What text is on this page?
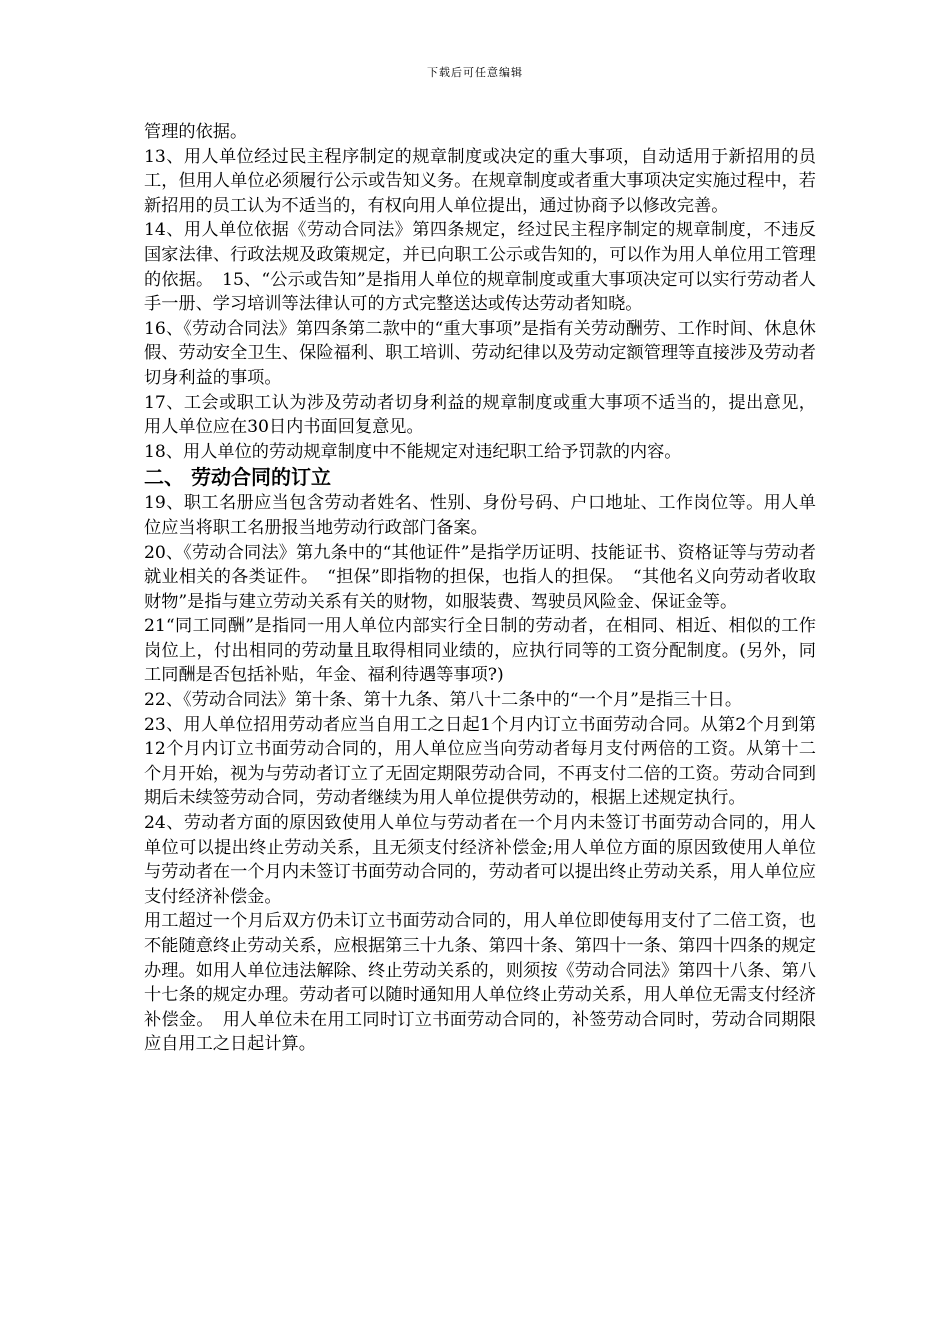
下载后可任意编辑

管理的依据。

13、用人单位经过民主程序制定的规章制度或决定的重大事项，自动适用于新招用的员工，但用人单位必须履行公示或告知义务。在规章制度或者重大事项决定实施过程中，若新招用的员工认为不适当的，有权向用人单位提出，通过协商予以修改完善。

14、用人单位依据《劳动合同法》第四条规定，经过民主程序制定的规章制度，不违反国家法律、行政法规及政策规定，并已向职工公示或告知的，可以作为用人单位用工管理的依据。　15、“公示或告知”是指用人单位的规章制度或重大事项决定可以实行劳动者人手一册、学习培训等法律认可的方式完整送达或传达劳动者知晓。

16、《劳动合同法》第四条第二款中的“重大事项”是指有关劳动酬劳、工作时间、休息休假、劳动安全卫生、保险福利、职工培训、劳动纪律以及劳动定额管理等直接涉及劳动者切身利益的事项。

17、工会或职工认为涉及劳动者切身利益的规章制度或重大事项不适当的，提出意见，用人单位应在30日内书面回复意见。

18、用人单位的劳动规章制度中不能规定对违纪职工给予罚款的内容。

二、 劳动合同的订立

19、职工名册应当包含劳动者姓名、性别、身份号码、户口地址、工作岗位等。用人单位应当将职工名册报当地劳动行政部门备案。

20、《劳动合同法》第九条中的“其他证件”是指学历证明、技能证书、资格证等与劳动者就业相关的各类证件。　“担保”即指物的担保，也指人的担保。　“其他名义向劳动者收取财物”是指与建立劳动关系有关的财物，如服装费、驾驶员风险金、保证金等。

21“同工同酬”是指同一用人单位内部实行全日制的劳动者，在相同、相近、相似的工作岗位上，付出相同的劳动量且取得相同业绩的，应执行同等的工资分配制度。(另外，同工同酬是否包括补贴，年金、福利待遇等事项?)

22、《劳动合同法》第十条、第十九条、第八十二条中的“一个月”是指三十日。

23、用人单位招用劳动者应当自用工之日起1个月内订立书面劳动合同。从第2个月到第12个月内订立书面劳动合同的，用人单位应当向劳动者每月支付两倍的工资。从第十二个月开始，视为与劳动者订立了无固定期限劳动合同，不再支付二倍的工资。劳动合同到期后未续签劳动合同，劳动者继续为用人单位提供劳动的，根据上述规定执行。

24、劳动者方面的原因致使用人单位与劳动者在一个月内未签订书面劳动合同的，用人单位可以提出终止劳动关系，且无须支付经济补偿金;用人单位方面的原因致使用人单位与劳动者在一个月内未签订书面劳动合同的，劳动者可以提出终止劳动关系，用人单位应支付经济补偿金。

用工超过一个月后双方仍未订立书面劳动合同的，用人单位即使每用支付了二倍工资，也不能随意终止劳动关系，应根据第三十九条、第四十条、第四十一条、第四十四条的规定办理。如用人单位违法解除、终止劳动关系的，则须按《劳动合同法》第四十八条、第八十七条的规定办理。劳动者可以随时通知用人单位终止劳动关系，用人单位无需支付经济补偿金。　用人单位未在用工同时订立书面劳动合同的，补签劳动合同时，劳动合同期限应自用工之日起计算。
